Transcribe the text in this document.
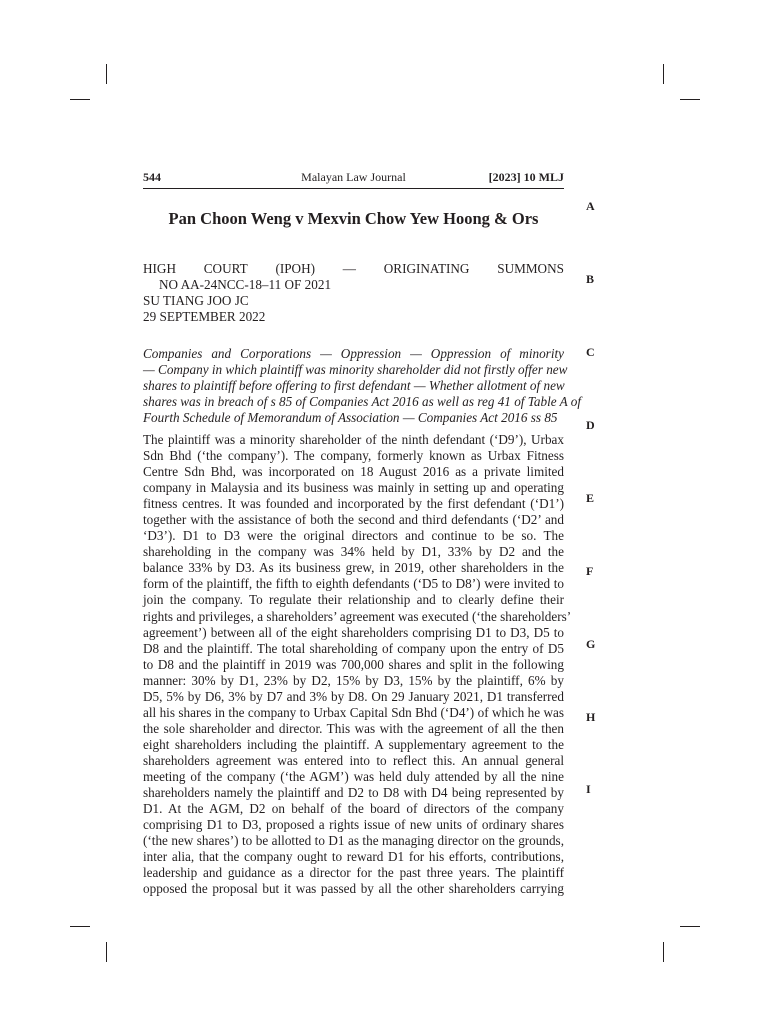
544	Malayan Law Journal	[2023] 10 MLJ
A
B
C
D
E
F
G
H
I
Pan Choon Weng v Mexvin Chow Yew Hoong & Ors
HIGH COURT (IPOH) — ORIGINATING SUMMONS
NO AA-24NCC-18–11 OF 2021
SU TIANG JOO JC
29 SEPTEMBER 2022
Companies and Corporations — Oppression — Oppression of minority
— Company in which plaintiff was minority shareholder did not firstly offer new
shares to plaintiff before offering to first defendant — Whether allotment of new
shares was in breach of s 85 of Companies Act 2016 as well as reg 41 of Table A of
Fourth Schedule of Memorandum of Association — Companies Act 2016 ss 85
The plaintiff was a minority shareholder of the ninth defendant (‘D9’), Urbax
Sdn Bhd (‘the company’). The company, formerly known as Urbax Fitness
Centre Sdn Bhd, was incorporated on 18 August 2016 as a private limited
company in Malaysia and its business was mainly in setting up and operating
fitness centres. It was founded and incorporated by the first defendant (‘D1’)
together with the assistance of both the second and third defendants (‘D2’ and
‘D3’). D1 to D3 were the original directors and continue to be so. The
shareholding in the company was 34% held by D1, 33% by D2 and the
balance 33% by D3. As its business grew, in 2019, other shareholders in the
form of the plaintiff, the fifth to eighth defendants (‘D5 to D8’) were invited to
join the company. To regulate their relationship and to clearly define their
rights and privileges, a shareholders’ agreement was executed (‘the shareholders’
agreement’) between all of the eight shareholders comprising D1 to D3, D5 to
D8 and the plaintiff. The total shareholding of company upon the entry of D5
to D8 and the plaintiff in 2019 was 700,000 shares and split in the following
manner: 30% by D1, 23% by D2, 15% by D3, 15% by the plaintiff, 6% by
D5, 5% by D6, 3% by D7 and 3% by D8. On 29 January 2021, D1 transferred
all his shares in the company to Urbax Capital Sdn Bhd (‘D4’) of which he was
the sole shareholder and director. This was with the agreement of all the then
eight shareholders including the plaintiff. A supplementary agreement to the
shareholders agreement was entered into to reflect this. An annual general
meeting of the company (‘the AGM’) was held duly attended by all the nine
shareholders namely the plaintiff and D2 to D8 with D4 being represented by
D1. At the AGM, D2 on behalf of the board of directors of the company
comprising D1 to D3, proposed a rights issue of new units of ordinary shares
(‘the new shares’) to be allotted to D1 as the managing director on the grounds,
inter alia, that the company ought to reward D1 for his efforts, contributions,
leadership and guidance as a director for the past three years. The plaintiff
opposed the proposal but it was passed by all the other shareholders carrying
